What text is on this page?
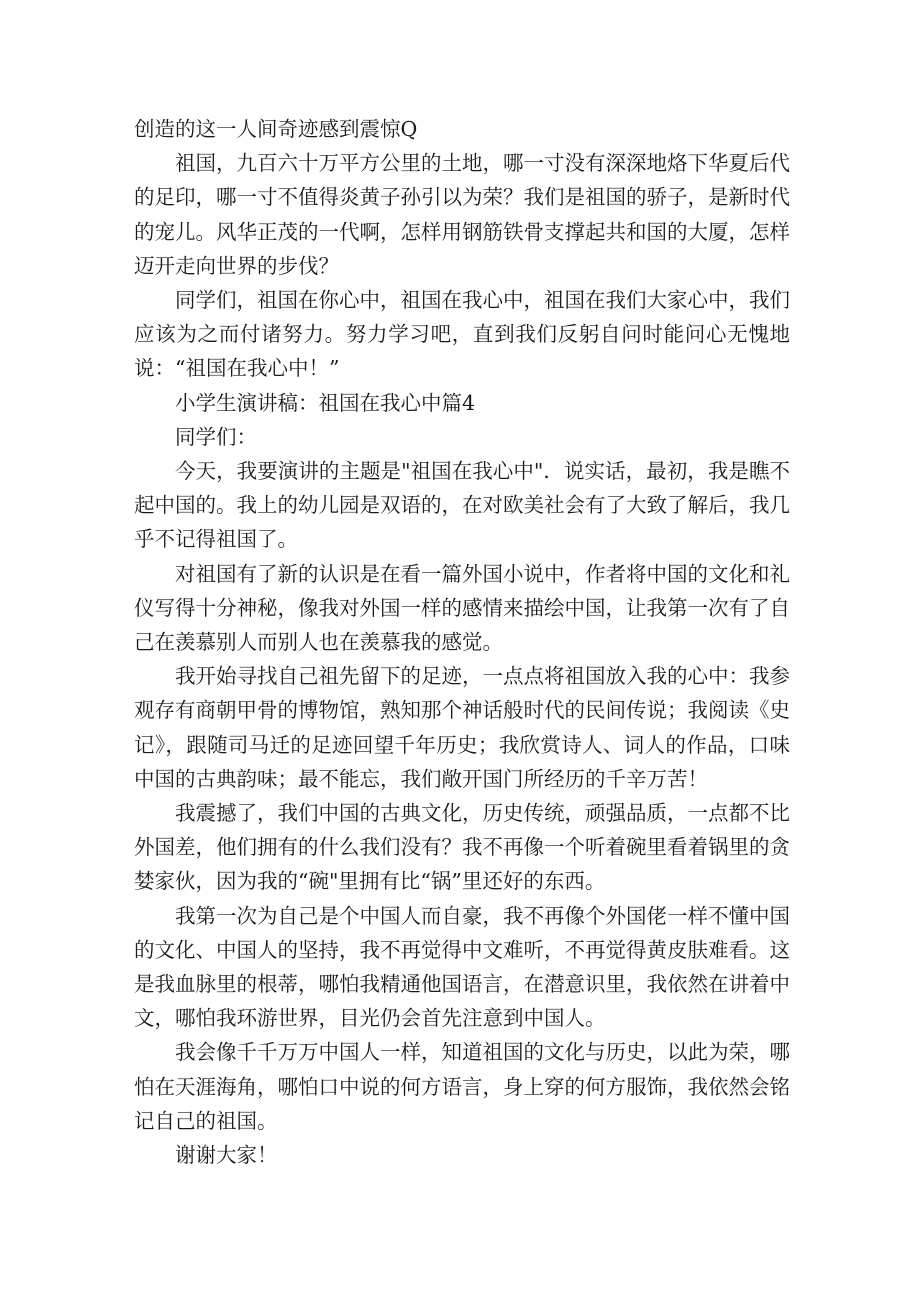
创造的这一人间奇迹感到震惊Q

祖国，九百六十万平方公里的土地，哪一寸没有深深地烙下华夏后代的足印，哪一寸不值得炎黄子孙引以为荣？我们是祖国的骄子，是新时代的宠儿。风华正茂的一代啊，怎样用钢筋铁骨支撑起共和国的大厦，怎样迈开走向世界的步伐？

同学们，祖国在你心中，祖国在我心中，祖国在我们大家心中，我们应该为之而付诸努力。努力学习吧，直到我们反躬自问时能问心无愧地说：“祖国在我心中！”

小学生演讲稿：祖国在我心中篇4

同学们：

今天，我要演讲的主题是"祖国在我心中"．说实话，最初，我是瞧不起中国的。我上的幼儿园是双语的，在对欧美社会有了大致了解后，我几乎不记得祖国了。

对祖国有了新的认识是在看一篇外国小说中，作者将中国的文化和礼仪写得十分神秘，像我对外国一样的感情来描绘中国，让我第一次有了自己在羡慕别人而别人也在羡慕我的感觉。

我开始寻找自己祖先留下的足迹，一点点将祖国放入我的心中：我参观存有商朝甲骨的博物馆，熟知那个神话般时代的民间传说；我阅读《史记》，跟随司马迁的足迹回望千年历史；我欣赏诗人、词人的作品，口味中国的古典韵味；最不能忘，我们敞开国门所经历的千辛万苦！

我震撼了，我们中国的古典文化，历史传统，顽强品质，一点都不比外国差，他们拥有的什么我们没有？我不再像一个听着碗里看着锅里的贪婪家伙，因为我的“碗"里拥有比“锅”里还好的东西。

我第一次为自己是个中国人而自豪，我不再像个外国佬一样不懂中国的文化、中国人的坚持，我不再觉得中文难听，不再觉得黄皮肤难看。这是我血脉里的根蒂，哪怕我精通他国语言，在潜意识里，我依然在讲着中文，哪怕我环游世界，目光仍会首先注意到中国人。

我会像千千万万中国人一样，知道祖国的文化与历史，以此为荣，哪怕在天涯海角，哪怕口中说的何方语言，身上穿的何方服饰，我依然会铭记自己的祖国。

谢谢大家！
